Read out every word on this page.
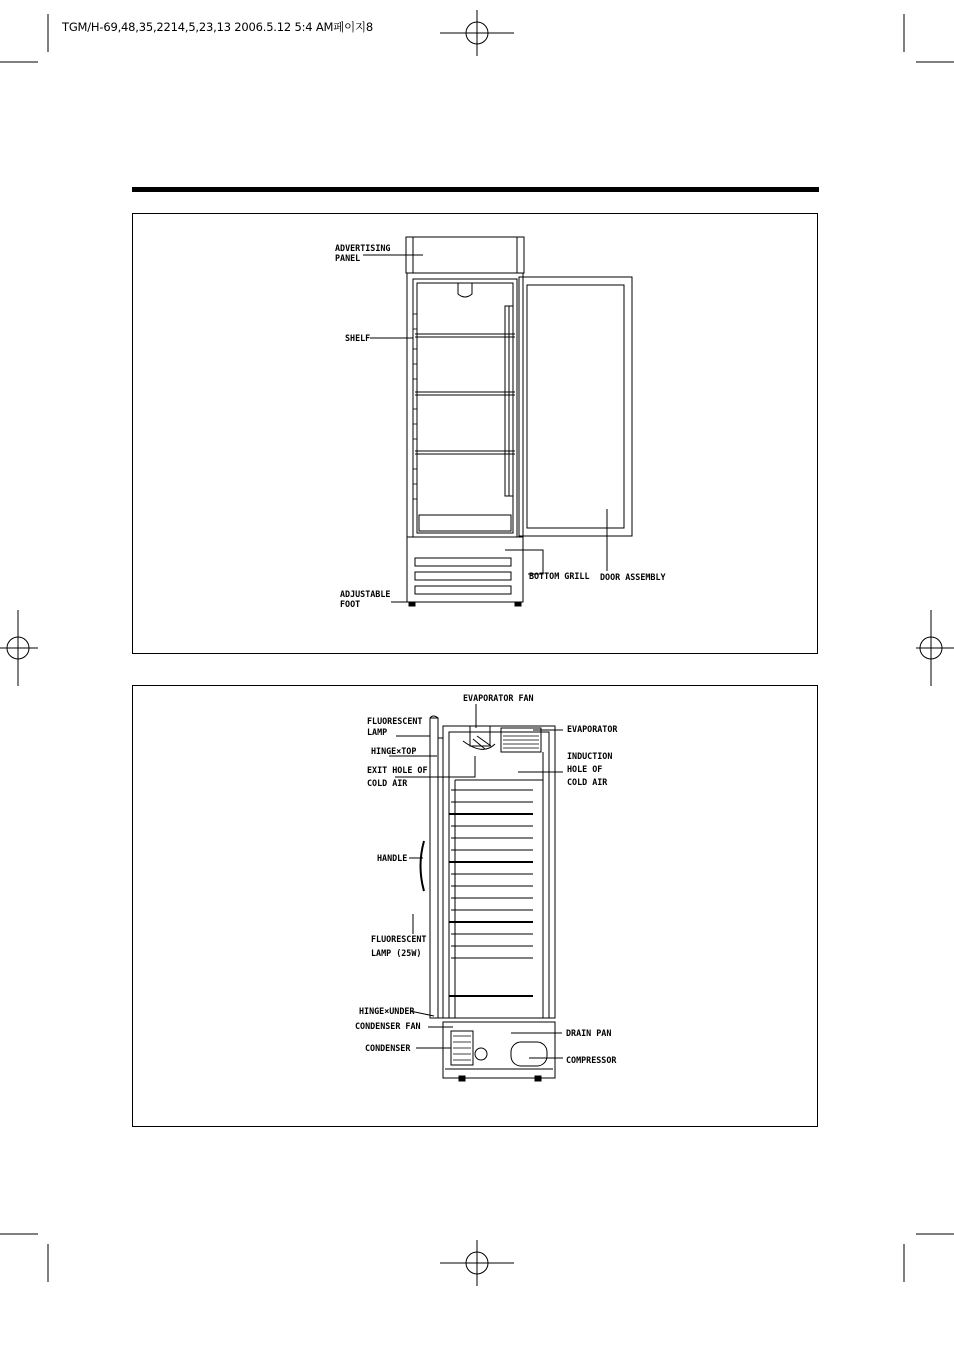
TGM/H-69,48,35,2214,5,23,13 2006.5.12 5:4 AM페이지8
ADVERTISING
PANEL
SHELF
ADJUSTABLE
FOOT
BOTTOM GRILL DOOR ASSEMBLY
EVAPORATOR FAN
FLUORESCENT
LAMP
HINGE×TOP
EXIT HOLE OF
COLD AIR
EVAPORATOR
INDUCTION
HOLE OF
COLD AIR
HANDLE
FLUORESCENT
LAMP (25W)
HINGE×UNDER
CONDENSER FAN
CONDENSER
DRAIN PAN
COMPRESSOR
